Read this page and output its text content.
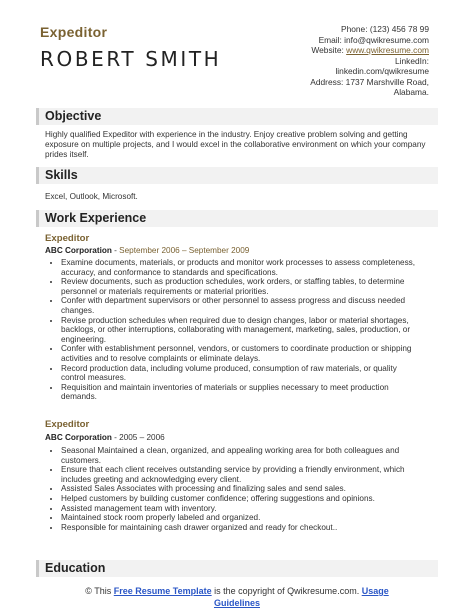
Expeditor
ROBERT SMITH
Phone: (123) 456 78 99
Email: info@qwikresume.com
Website: www.qwikresume.com
LinkedIn:
linkedin.com/qwikresume
Address: 1737 Marshville Road,
Alabama.
Objective
Highly qualified Expeditor with experience in the industry. Enjoy creative problem solving and getting exposure on multiple projects, and I would excel in the collaborative environment on which your company prides itself.
Skills
Excel, Outlook, Microsoft.
Work Experience
Expeditor
ABC Corporation - September 2006 – September 2009
• Examine documents, materials, or products and monitor work processes to assess completeness, accuracy, and conformance to standards and specifications.
• Review documents, such as production schedules, work orders, or staffing tables, to determine personnel or materials requirements or material priorities.
• Confer with department supervisors or other personnel to assess progress and discuss needed changes.
• Revise production schedules when required due to design changes, labor or material shortages, backlogs, or other interruptions, collaborating with management, marketing, sales, production, or engineering.
• Confer with establishment personnel, vendors, or customers to coordinate production or shipping activities and to resolve complaints or eliminate delays.
• Record production data, including volume produced, consumption of raw materials, or quality control measures.
• Requisition and maintain inventories of materials or supplies necessary to meet production demands.
Expeditor
ABC Corporation - 2005 – 2006
• Seasonal Maintained a clean, organized, and appealing working area for both colleagues and customers.
• Ensure that each client receives outstanding service by providing a friendly environment, which includes greeting and acknowledging every client.
• Assisted Sales Associates with processing and finalizing sales and send sales.
• Helped customers by building customer confidence; offering suggestions and opinions.
• Assisted management team with inventory.
• Maintained stock room properly labeled and organized.
• Responsible for maintaining cash drawer organized and ready for checkout..
Education
© This Free Resume Template is the copyright of Qwikresume.com. Usage
Guidelines
